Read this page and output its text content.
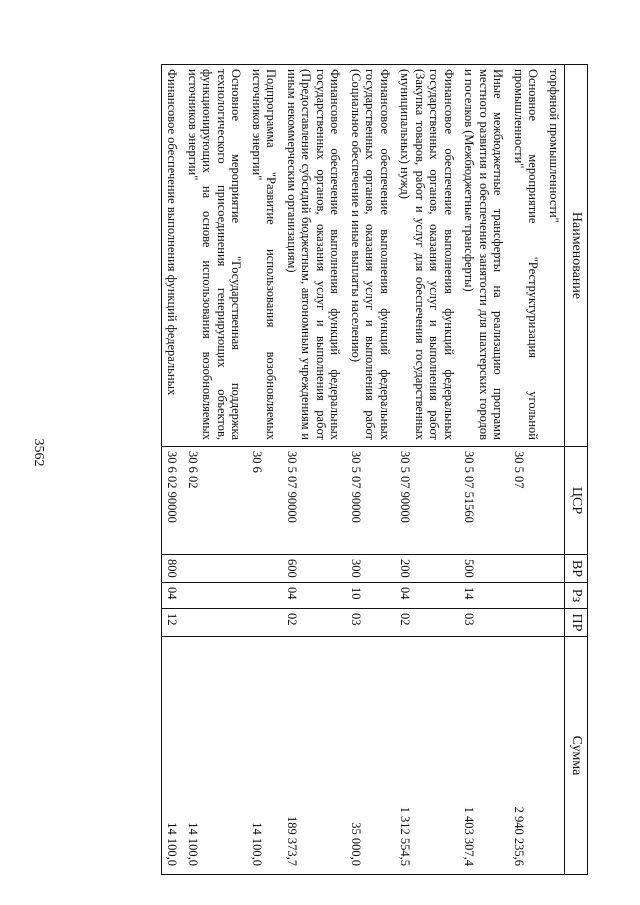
3562
Наименование	ЦСР	ВР	Рз	ПР	Сумма
торфяной промышленности"					
Основное мероприятие "Реструктуризация угольной промышленности"	30 5 07				2 940 235,6
Иные межбюджетные трансферты на реализацию программ местного развития и обеспечение занятости для шахтерских городов и поселков (Межбюджетные трансферты)	30 5 07 51560	500	14	03	1 403 307,4
Финансовое обеспечение выполнения функций федеральных государственных органов, оказания услуг и выполнения работ (Закупка товаров, работ и услуг для обеспечения государственных (муниципальных) нужд)	30 5 07 90000	200	04	02	1 312 554,5
Финансовое обеспечение выполнения функций федеральных государственных органов, оказания услуг и выполнения работ (Социальное обеспечение и иные выплаты населению)	30 5 07 90000	300	10	03	35 000,0
Финансовое обеспечение выполнения функций федеральных государственных органов, оказания услуг и выполнения работ (Предоставление субсидий бюджетным, автономным учреждениям и иным некоммерческим организациям)	30 5 07 90000	600	04	02	189 373,7
Подпрограмма "Развитие использования возобновляемых источников энергии"	30 6				14 100,0
Основное мероприятие "Государственная поддержка технологического присоединения генерирующих объектов, функционирующих на основе использования возобновляемых источников энергии"	30 6 02				14 100,0
Финансовое обеспечение выполнения функций федеральных	30 6 02 90000	800	04	12	14 100,0
